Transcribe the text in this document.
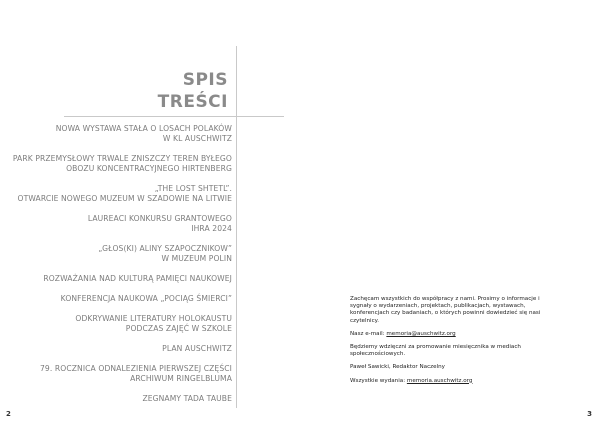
SPIS
TREŚCI
NOWA WYSTAWA STAŁA O LOSACH POLAKÓW
W KL AUSCHWITZ
PARK PRZEMYSŁOWY TRWALE ZNISZCZY TEREN BYŁEGO
OBOZU KONCENTRACYJNEGO HIRTENBERG
„THE LOST SHTETL”.
OTWARCIE NOWEGO MUZEUM W SZADOWIE NA LITWIE
LAUREACI KONKURSU GRANTOWEGO
IHRA 2024
„GŁOS(KI) ALINY SZAPOCZNIKOW”
W MUZEUM POLIN
ROZWAŻANIA NAD KULTURĄ PAMIĘCI NAUKOWEJ
KONFERENCJA NAUKOWA „POCIĄG ŚMIERCI”
ODKRYWANIE LITERATURY HOLOKAUSTU
PODCZAS ZAJĘĆ W SZKOLE
PLAN AUSCHWITZ
79. ROCZNICA ODNALEZIENIA PIERWSZEJ CZĘŚCI
ARCHIWUM RINGELBLUMA
ZEGNAMY TADA TAUBE

Zachęcam wszystkich do współpracy z nami. Prosimy o informacje i sygnały o wydarzeniach, projektach, publikacjach, wystawach, konferencjach czy badaniach, o których powinni dowiedzieć się nasi czytelnicy.

Nasz e-mail: memoria@auschwitz.org

Będziemy wdzięczni za promowanie miesięcznika w mediach społecznościowych.

Paweł Sawicki, Redaktor Naczelny

Wszystkie wydania: memoria.auschwitz.org

2	3
